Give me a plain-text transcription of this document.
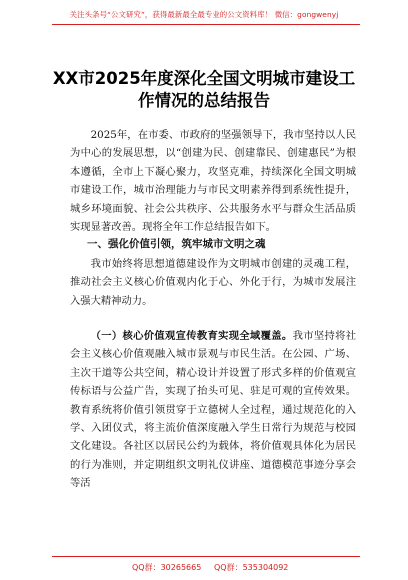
关注头条号“公文研究”，获得最新最全最专业的公文资料库！ 微信：gongwenyj
XX市2025年度深化全国文明城市建设工
作情况的总结报告

2025年，在市委、市政府的坚强领导下，我市坚持以人民为中心的发展思想，以“创建为民、创建靠民、创建惠民”为根本遵循，全市上下凝心聚力，攻坚克难，持续深化全国文明城市建设工作，城市治理能力与市民文明素养得到系统性提升，城乡环境面貌、社会公共秩序、公共服务水平与群众生活品质实现显著改善。现将全年工作总结报告如下。

一、强化价值引领，筑牢城市文明之魂

我市始终将思想道德建设作为文明城市创建的灵魂工程，推动社会主义核心价值观内化于心、外化于行，为城市发展注入强大精神动力。

（一）核心价值观宣传教育实现全域覆盖。我市坚持将社会主义核心价值观融入城市景观与市民生活。在公园、广场、主次干道等公共空间，精心设计并设置了形式多样的价值观宣传标语与公益广告，实现了抬头可见、驻足可观的宣传效果。教育系统将价值引领贯穿于立德树人全过程，通过规范化的入学、入团仪式，将主流价值深度融入学生日常行为规范与校园文化建设。各社区以居民公约为载体，将价值观具体化为居民的行为准则，并定期组织文明礼仪讲座、道德模范事迹分享会等活

QQ群：30265665 QQ群：535304092
